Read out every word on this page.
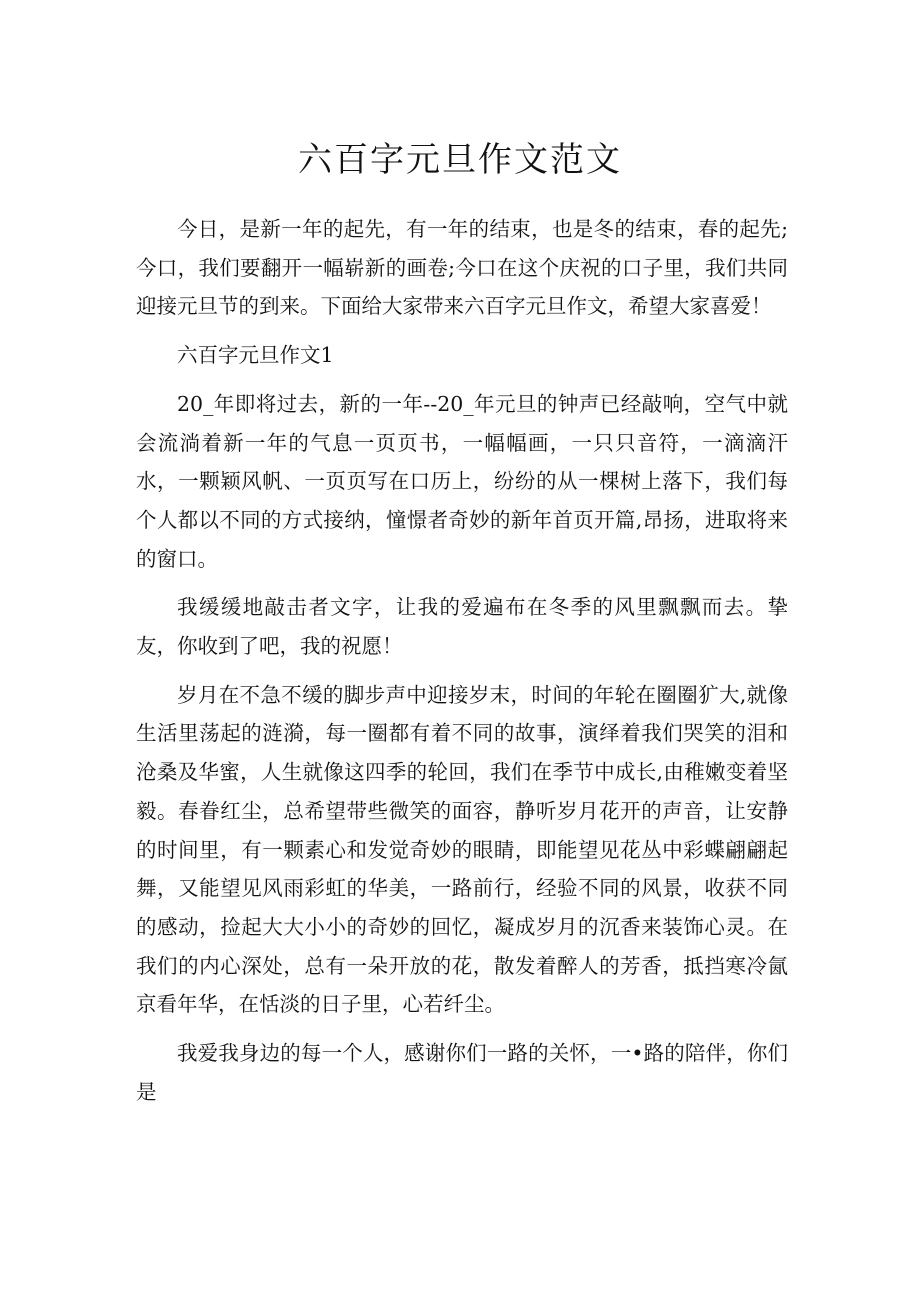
六百字元旦作文范文

今日，是新一年的起先，有一年的结束，也是冬的结束，春的起先;今口，我们要翻开一幅崭新的画卷;今口在这个庆祝的口子里，我们共同迎接元旦节的到来。下面给大家带来六百字元旦作文，希望大家喜爱！

六百字元旦作文1

20_年即将过去，新的一年--20_年元旦的钟声已经敲响，空气中就会流淌着新一年的气息一页页书，一幅幅画，一只只音符，一滴滴汗水，一颗颖风帆、一页页写在口历上，纷纷的从一棵树上落下，我们每个人都以不同的方式接纳，憧憬者奇妙的新年首页开篇,昂扬，进取将来的窗口。

我缓缓地敲击者文字，让我的爱遍布在冬季的风里飘飘而去。挚友，你收到了吧，我的祝愿！

岁月在不急不缓的脚步声中迎接岁末，时间的年轮在圈圈犷大,就像生活里荡起的涟漪，每一圈都有着不同的故事，演绎着我们哭笑的泪和沧桑及华蜜，人生就像这四季的轮回，我们在季节中成长,由稚嫩变着坚毅。春眷红尘，总希望带些微笑的面容，静听岁月花开的声音，让安静的时间里，有一颗素心和发觉奇妙的眼睛，即能望见花丛中彩蝶翩翩起舞，又能望见风雨彩虹的华美，一路前行，经验不同的风景，收获不同的感动，捡起大大小小的奇妙的回忆，凝成岁月的沉香来装饰心灵。在我们的内心深处，总有一朵开放的花，散发着醉人的芳香，抵挡寒冷氤京看年华，在恬淡的日子里，心若纤尘。

我爱我身边的每一个人，感谢你们一路的关怀，一•路的陪伴，你们是
